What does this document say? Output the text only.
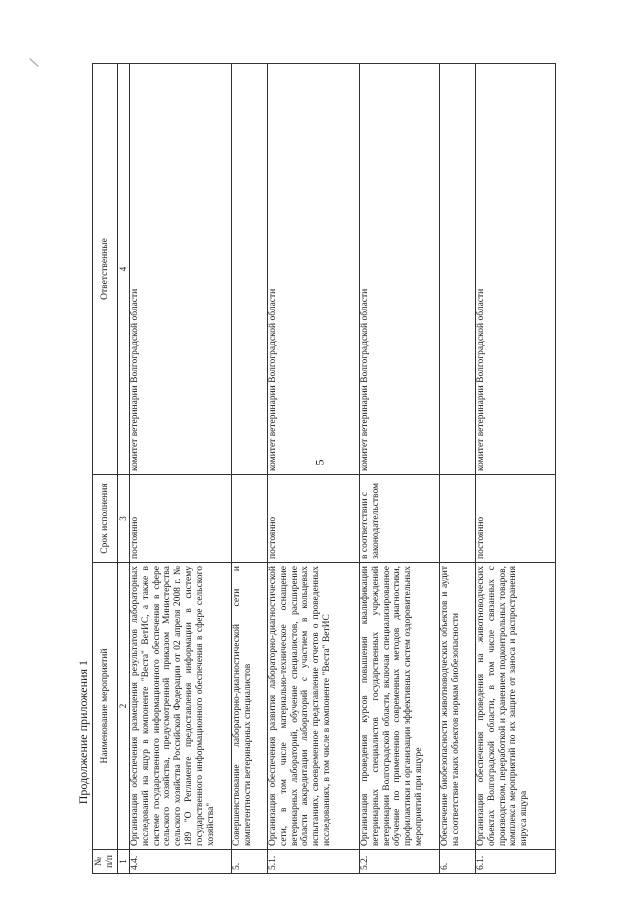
5
Продолжение приложения 1
№ п/п	Наименование мероприятий	Срок исполнения	Ответственные
1	2	3	4
4.4.	Организация обеспечения размещения результатов лабораторных исследований на ящур в компоненте "Веста" ВетИС, а также в системе государственного информационного обеспечения в сфере сельского хозяйства, предусмотренной приказом Министерства сельского хозяйства Российской Федерации от 02 апреля 2008 г. № 189 "О Регламенте предоставления информации в систему государственного информационного обеспечения в сфере сельского хозяйства"	постоянно	комитет ветеринарии Волгоградской области
5.	Совершенствование лабораторно-диагностической сети и компетентности ветеринарных специалистов		
5.1.	Организация обеспечения развития лабораторно-диагностической сети, в том числе материально-техническое оснащение ветеринарных лабораторий, обучение специалистов, расширение области аккредитации лабораторий с участием в кольцевых испытаниях, своевременное представление отчетов о проведенных исследованиях, в том числе в компоненте "Веста" ВетИС	постоянно	комитет ветеринарии Волгоградской области
5.2.	Организация проведения курсов повышения квалификации ветеринарных специалистов государственных учреждений ветеринарии Волгоградской области, включая специализированное обучение по применению современных методов диагностики, профилактики и организации эффективных систем оздоровительных мероприятий при ящуре	в соответствии с законодательством	комитет ветеринарии Волгоградской области
6.	Обеспечение биобезопасности животноводческих объектов и аудит на соответствие таких объектов нормам биобезопасности		
6.1.	Организация обеспечения проведения на животноводческих объектах Волгоградской области, в том числе связанных с производством, переработкой и хранением подконтрольных товаров, комплекса мероприятий по их защите от заноса и распространения вируса ящура	постоянно	комитет ветеринарии Волгоградской области
